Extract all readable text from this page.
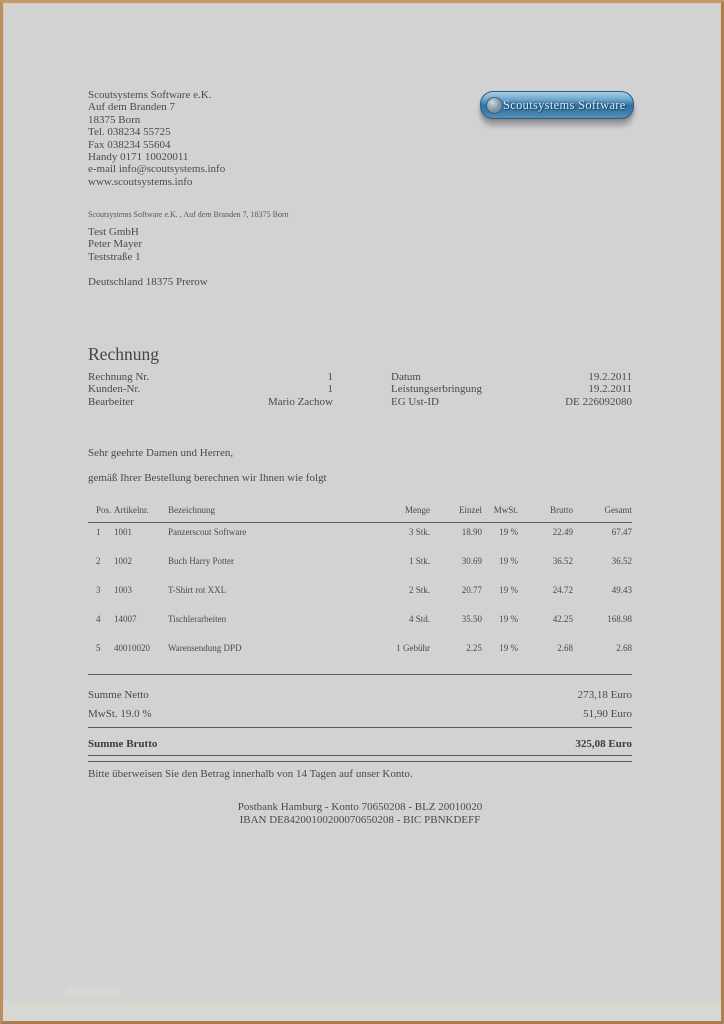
Scoutsystems Software e.K.
Auf dem Branden 7
18375 Born
Tel. 038234 55725
Fax 038234 55604
Handy 0171 10020011
e-mail info@scoutsystems.info
www.scoutsystems.info
Scoutsystems Software
Scoutsystems Software e.K. , Auf dem Branden 7, 18375 Born
Test GmbH
Peter Mayer
Teststraße 1
Deutschland 18375 Prerow
Rechnung
Rechnung Nr.	1	Datum	19.2.2011
Kunden-Nr.	1	Leistungserbringung	19.2.2011
Bearbeiter	Mario Zachow	EG Ust-ID	DE 226092080
Sehr geehrte Damen und Herren,
gemäß Ihrer Bestellung berechnen wir Ihnen wie folgt
Pos. Artikelnr.	Bezeichnung	Menge	Einzel	MwSt.	Brutto	Gesamt
1	1001	Panzerscout Software	3 Stk.	18.90	19 %	22.49	67.47
2	1002	Buch Harry Potter	1 Stk.	30.69	19 %	36.52	36.52
3	1003	T-Shirt rot XXL	2 Stk.	20.77	19 %	24.72	49.43
4	14007	Tischlerarbeiten	4 Std.	35.50	19 %	42.25	168.98
5	40010020	Warensendung DPD	1 Gebühr	2.25	19 %	2.68	2.68
Summe Netto	273,18 Euro
MwSt. 19.0 %	51,90 Euro
Summe Brutto	325,08 Euro
Bitte überweisen Sie den Betrag innerhalb von 14 Tagen auf unser Konto.
Postbank Hamburg - Konto 70650208 - BLZ 20010020
IBAN DE84200100200070650208 - BIC PBNKDEFF
